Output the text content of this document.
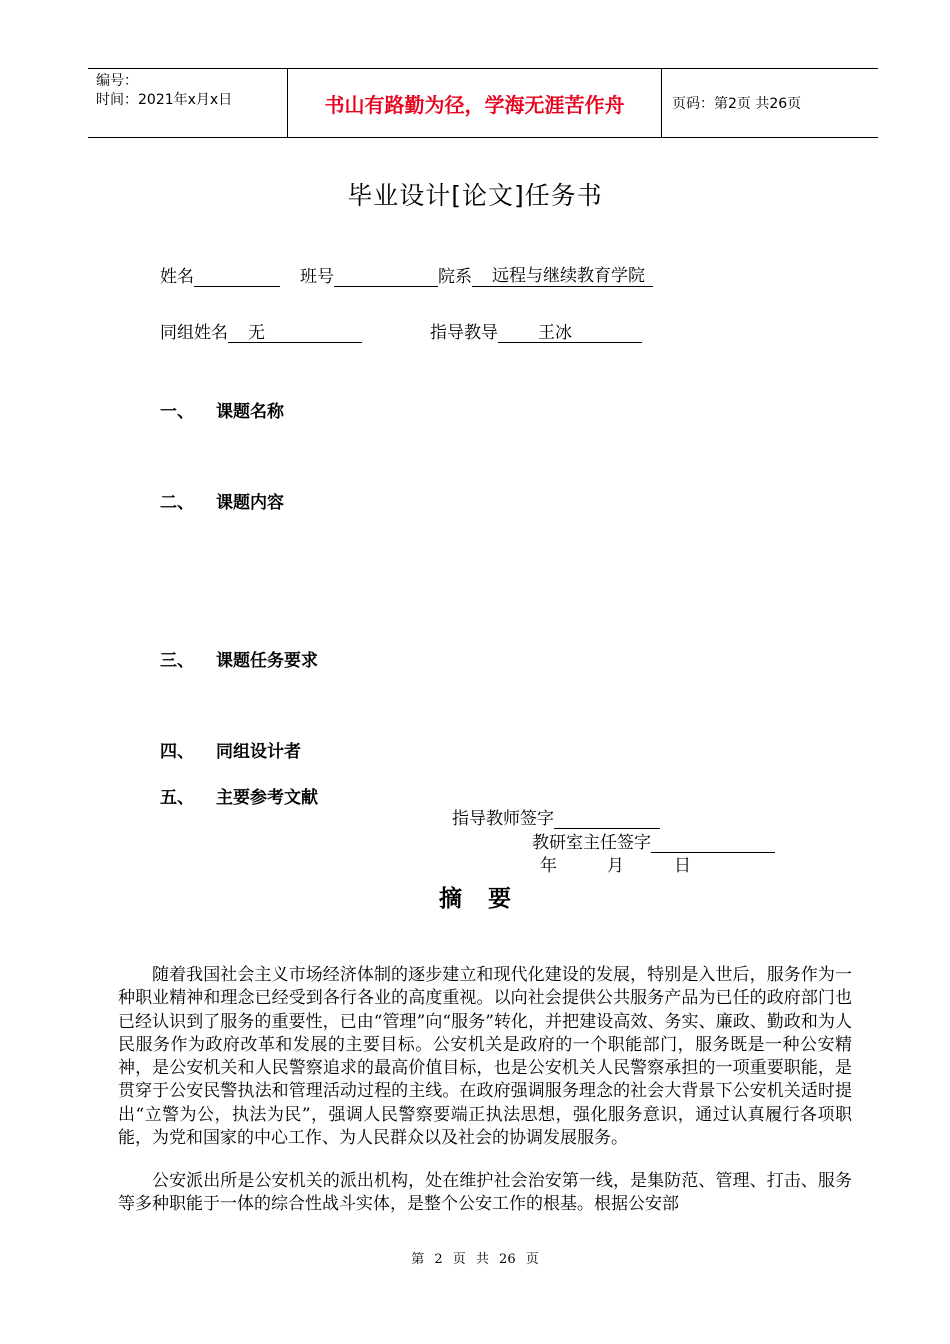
编号：
时间：2021年x月x日	书山有路勤为径，学海无涯苦作舟	页码：第2页 共26页
毕业设计[论文]任务书
姓名	班号	院系 远程与继续教育学院
同组姓名 无	指导教导 王冰
一、 课题名称
二、 课题内容
三、 课题任务要求
四、 同组设计者
五、 主要参考文献
指导教师签字
教研室主任签字
年	月	日
摘要
随着我国社会主义市场经济体制的逐步建立和现代化建设的发展，特别是入世后，服务作为一种职业精神和理念已经受到各行各业的高度重视。以向社会提供公共服务产品为已任的政府部门也已经认识到了服务的重要性，已由“管理”向“服务”转化，并把建设高效、务实、廉政、勤政和为人民服务作为政府改革和发展的主要目标。公安机关是政府的一个职能部门，服务既是一种公安精神，是公安机关和人民警察追求的最高价值目标，也是公安机关人民警察承担的一项重要职能，是贯穿于公安民警执法和管理活动过程的主线。在政府强调服务理念的社会大背景下公安机关适时提出“立警为公，执法为民”，强调人民警察要端正执法思想，强化服务意识，通过认真履行各项职能，为党和国家的中心工作、为人民群众以及社会的协调发展服务。
公安派出所是公安机关的派出机构，处在维护社会治安第一线，是集防范、管理、打击、服务等多种职能于一体的综合性战斗实体，是整个公安工作的根基。根据公安部
第 2 页 共 26 页
